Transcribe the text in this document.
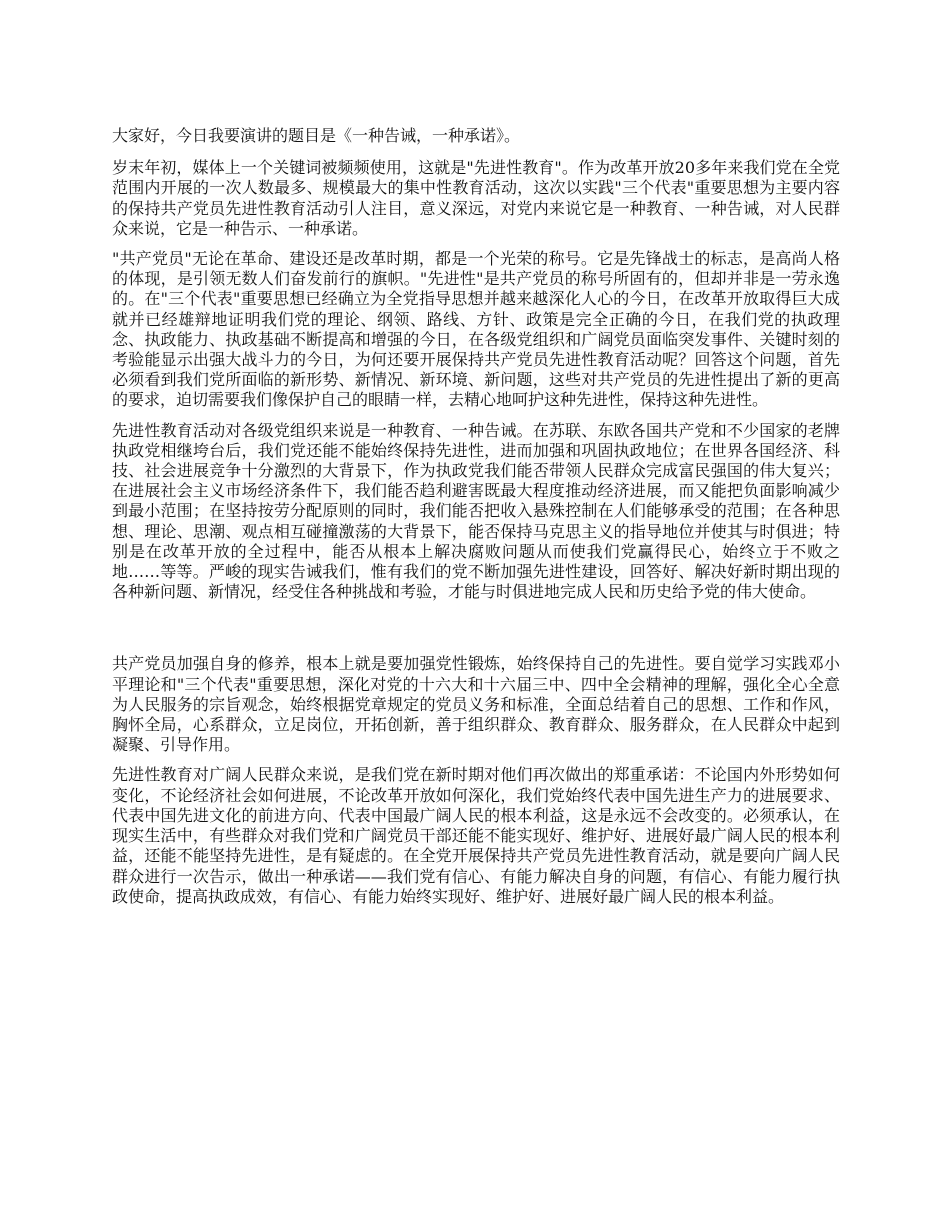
大家好，今日我要演讲的题目是《一种告诫，一种承诺》。

岁末年初，媒体上一个关键词被频频使用，这就是"先进性教育"。作为改革开放20多年来我们党在全党范围内开展的一次人数最多、规模最大的集中性教育活动，这次以实践"三个代表"重要思想为主要内容的保持共产党员先进性教育活动引人注目，意义深远，对党内来说它是一种教育、一种告诫，对人民群众来说，它是一种告示、一种承诺。

"共产党员"无论在革命、建设还是改革时期，都是一个光荣的称号。它是先锋战士的标志，是高尚人格的体现，是引领无数人们奋发前行的旗帜。"先进性"是共产党员的称号所固有的，但却并非是一劳永逸的。在"三个代表"重要思想已经确立为全党指导思想并越来越深化人心的今日，在改革开放取得巨大成就并已经雄辩地证明我们党的理论、纲领、路线、方针、政策是完全正确的今日，在我们党的执政理念、执政能力、执政基础不断提高和增强的今日，在各级党组织和广阔党员面临突发事件、关键时刻的考验能显示出强大战斗力的今日，为何还要开展保持共产党员先进性教育活动呢？回答这个问题，首先必须看到我们党所面临的新形势、新情况、新环境、新问题，这些对共产党员的先进性提出了新的更高的要求，迫切需要我们像保护自己的眼睛一样，去精心地呵护这种先进性，保持这种先进性。

先进性教育活动对各级党组织来说是一种教育、一种告诫。在苏联、东欧各国共产党和不少国家的老牌执政党相继垮台后，我们党还能不能始终保持先进性，进而加强和巩固执政地位；在世界各国经济、科技、社会进展竞争十分激烈的大背景下，作为执政党我们能否带领人民群众完成富民强国的伟大复兴；在进展社会主义市场经济条件下，我们能否趋利避害既最大程度推动经济进展，而又能把负面影响减少到最小范围；在坚持按劳分配原则的同时，我们能否把收入悬殊控制在人们能够承受的范围；在各种思想、理论、思潮、观点相互碰撞激荡的大背景下，能否保持马克思主义的指导地位并使其与时俱进；特别是在改革开放的全过程中，能否从根本上解决腐败问题从而使我们党赢得民心，始终立于不败之地……等等。严峻的现实告诫我们，惟有我们的党不断加强先进性建设，回答好、解决好新时期出现的各种新问题、新情况，经受住各种挑战和考验，才能与时俱进地完成人民和历史给予党的伟大使命。

共产党员加强自身的修养，根本上就是要加强党性锻炼，始终保持自己的先进性。要自觉学习实践邓小平理论和"三个代表"重要思想，深化对党的十六大和十六届三中、四中全会精神的理解，强化全心全意为人民服务的宗旨观念，始终根据党章规定的党员义务和标准，全面总结着自己的思想、工作和作风，胸怀全局，心系群众，立足岗位，开拓创新，善于组织群众、教育群众、服务群众，在人民群众中起到凝聚、引导作用。

先进性教育对广阔人民群众来说，是我们党在新时期对他们再次做出的郑重承诺：不论国内外形势如何变化，不论经济社会如何进展，不论改革开放如何深化，我们党始终代表中国先进生产力的进展要求、代表中国先进文化的前进方向、代表中国最广阔人民的根本利益，这是永远不会改变的。必须承认，在现实生活中，有些群众对我们党和广阔党员干部还能不能实现好、维护好、进展好最广阔人民的根本利益，还能不能坚持先进性，是有疑虑的。在全党开展保持共产党员先进性教育活动，就是要向广阔人民群众进行一次告示，做出一种承诺——我们党有信心、有能力解决自身的问题，有信心、有能力履行执政使命，提高执政成效，有信心、有能力始终实现好、维护好、进展好最广阔人民的根本利益。
